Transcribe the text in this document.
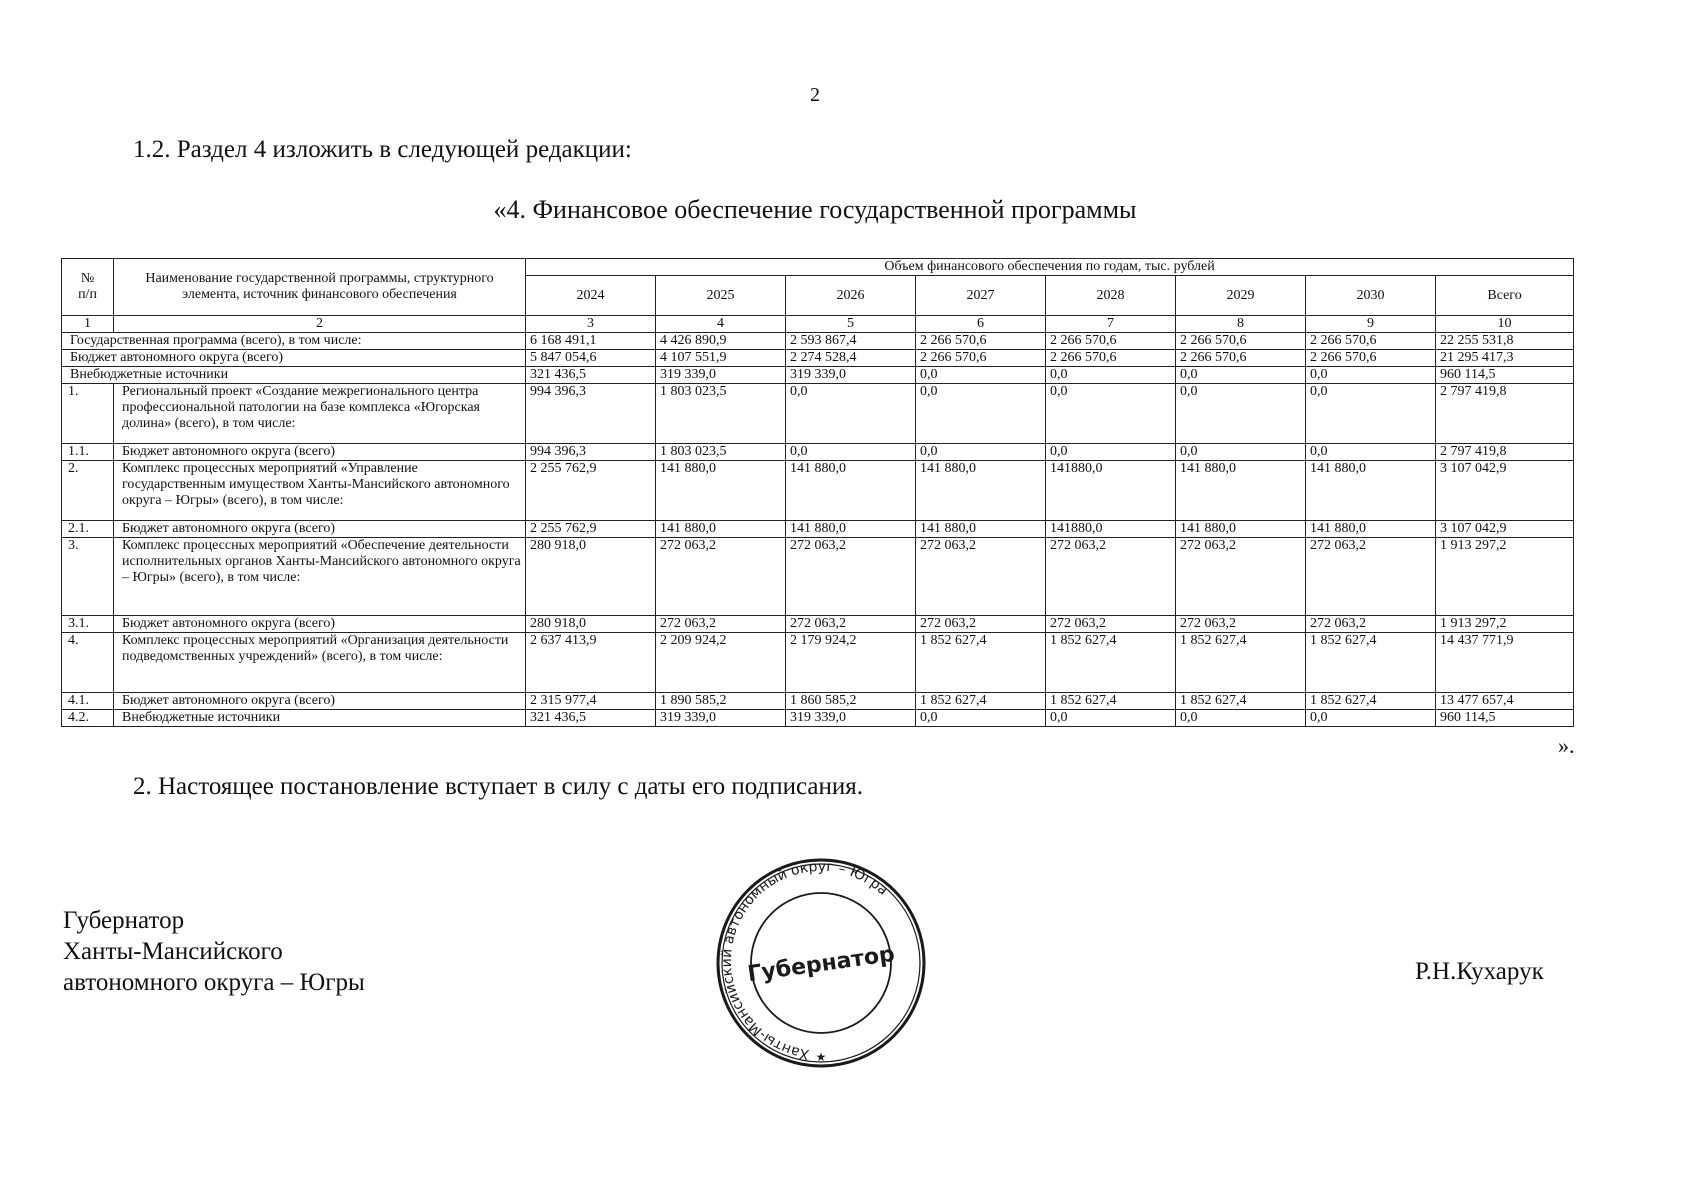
2
1.2. Раздел 4 изложить в следующей редакции:
«4. Финансовое обеспечение государственной программы
№
п/п	Наименование государственной программы, структурного элемента, источник финансового обеспечения	Объем финансового обеспечения по годам, тыс. рублей							
		2024	2025	2026	2027	2028	2029	2030	Всего
1	2	3	4	5	6	7	8	9	10
Государственная программа (всего), в том числе:		6 168 491,1	4 426 890,9	2 593 867,4	2 266 570,6	2 266 570,6	2 266 570,6	2 266 570,6	22 255 531,8
Бюджет автономного округа (всего)		5 847 054,6	4 107 551,9	2 274 528,4	2 266 570,6	2 266 570,6	2 266 570,6	2 266 570,6	21 295 417,3
Внебюджетные источники		321 436,5	319 339,0	319 339,0	0,0	0,0	0,0	0,0	960 114,5
1.	Региональный проект «Создание межрегионального центра профессиональной патологии на базе комплекса «Югорская долина» (всего), в том числе:	994 396,3	1 803 023,5	0,0	0,0	0,0	0,0	0,0	2 797 419,8
1.1.	Бюджет автономного округа (всего)	994 396,3	1 803 023,5	0,0	0,0	0,0	0,0	0,0	2 797 419,8
2.	Комплекс процессных мероприятий «Управление государственным имуществом Ханты-Мансийского автономного округа – Югры» (всего), в том числе:	2 255 762,9	141 880,0	141 880,0	141 880,0	141880,0	141 880,0	141 880,0	3 107 042,9
2.1.	Бюджет автономного округа (всего)	2 255 762,9	141 880,0	141 880,0	141 880,0	141880,0	141 880,0	141 880,0	3 107 042,9
3.	Комплекс процессных мероприятий «Обеспечение деятельности исполнительных органов Ханты-Мансийского автономного округа – Югры» (всего), в том числе:	280 918,0	272 063,2	272 063,2	272 063,2	272 063,2	272 063,2	272 063,2	1 913 297,2
3.1.	Бюджет автономного округа (всего)	280 918,0	272 063,2	272 063,2	272 063,2	272 063,2	272 063,2	272 063,2	1 913 297,2
4.	Комплекс процессных мероприятий «Организация деятельности подведомственных учреждений» (всего), в том числе:	2 637 413,9	2 209 924,2	2 179 924,2	1 852 627,4	1 852 627,4	1 852 627,4	1 852 627,4	14 437 771,9
4.1.	Бюджет автономного округа (всего)	2 315 977,4	1 890 585,2	1 860 585,2	1 852 627,4	1 852 627,4	1 852 627,4	1 852 627,4	13 477 657,4
4.2.	Внебюджетные источники	321 436,5	319 339,0	319 339,0	0,0	0,0	0,0	0,0	960 114,5
».
2. Настоящее постановление вступает в силу с даты его подписания.
Губернатор
Ханты-Мансийского
автономного округа – Югры
Ханты-Мансийский автономный округ – Югра
Губернатор
★
Р.Н.Кухарук
